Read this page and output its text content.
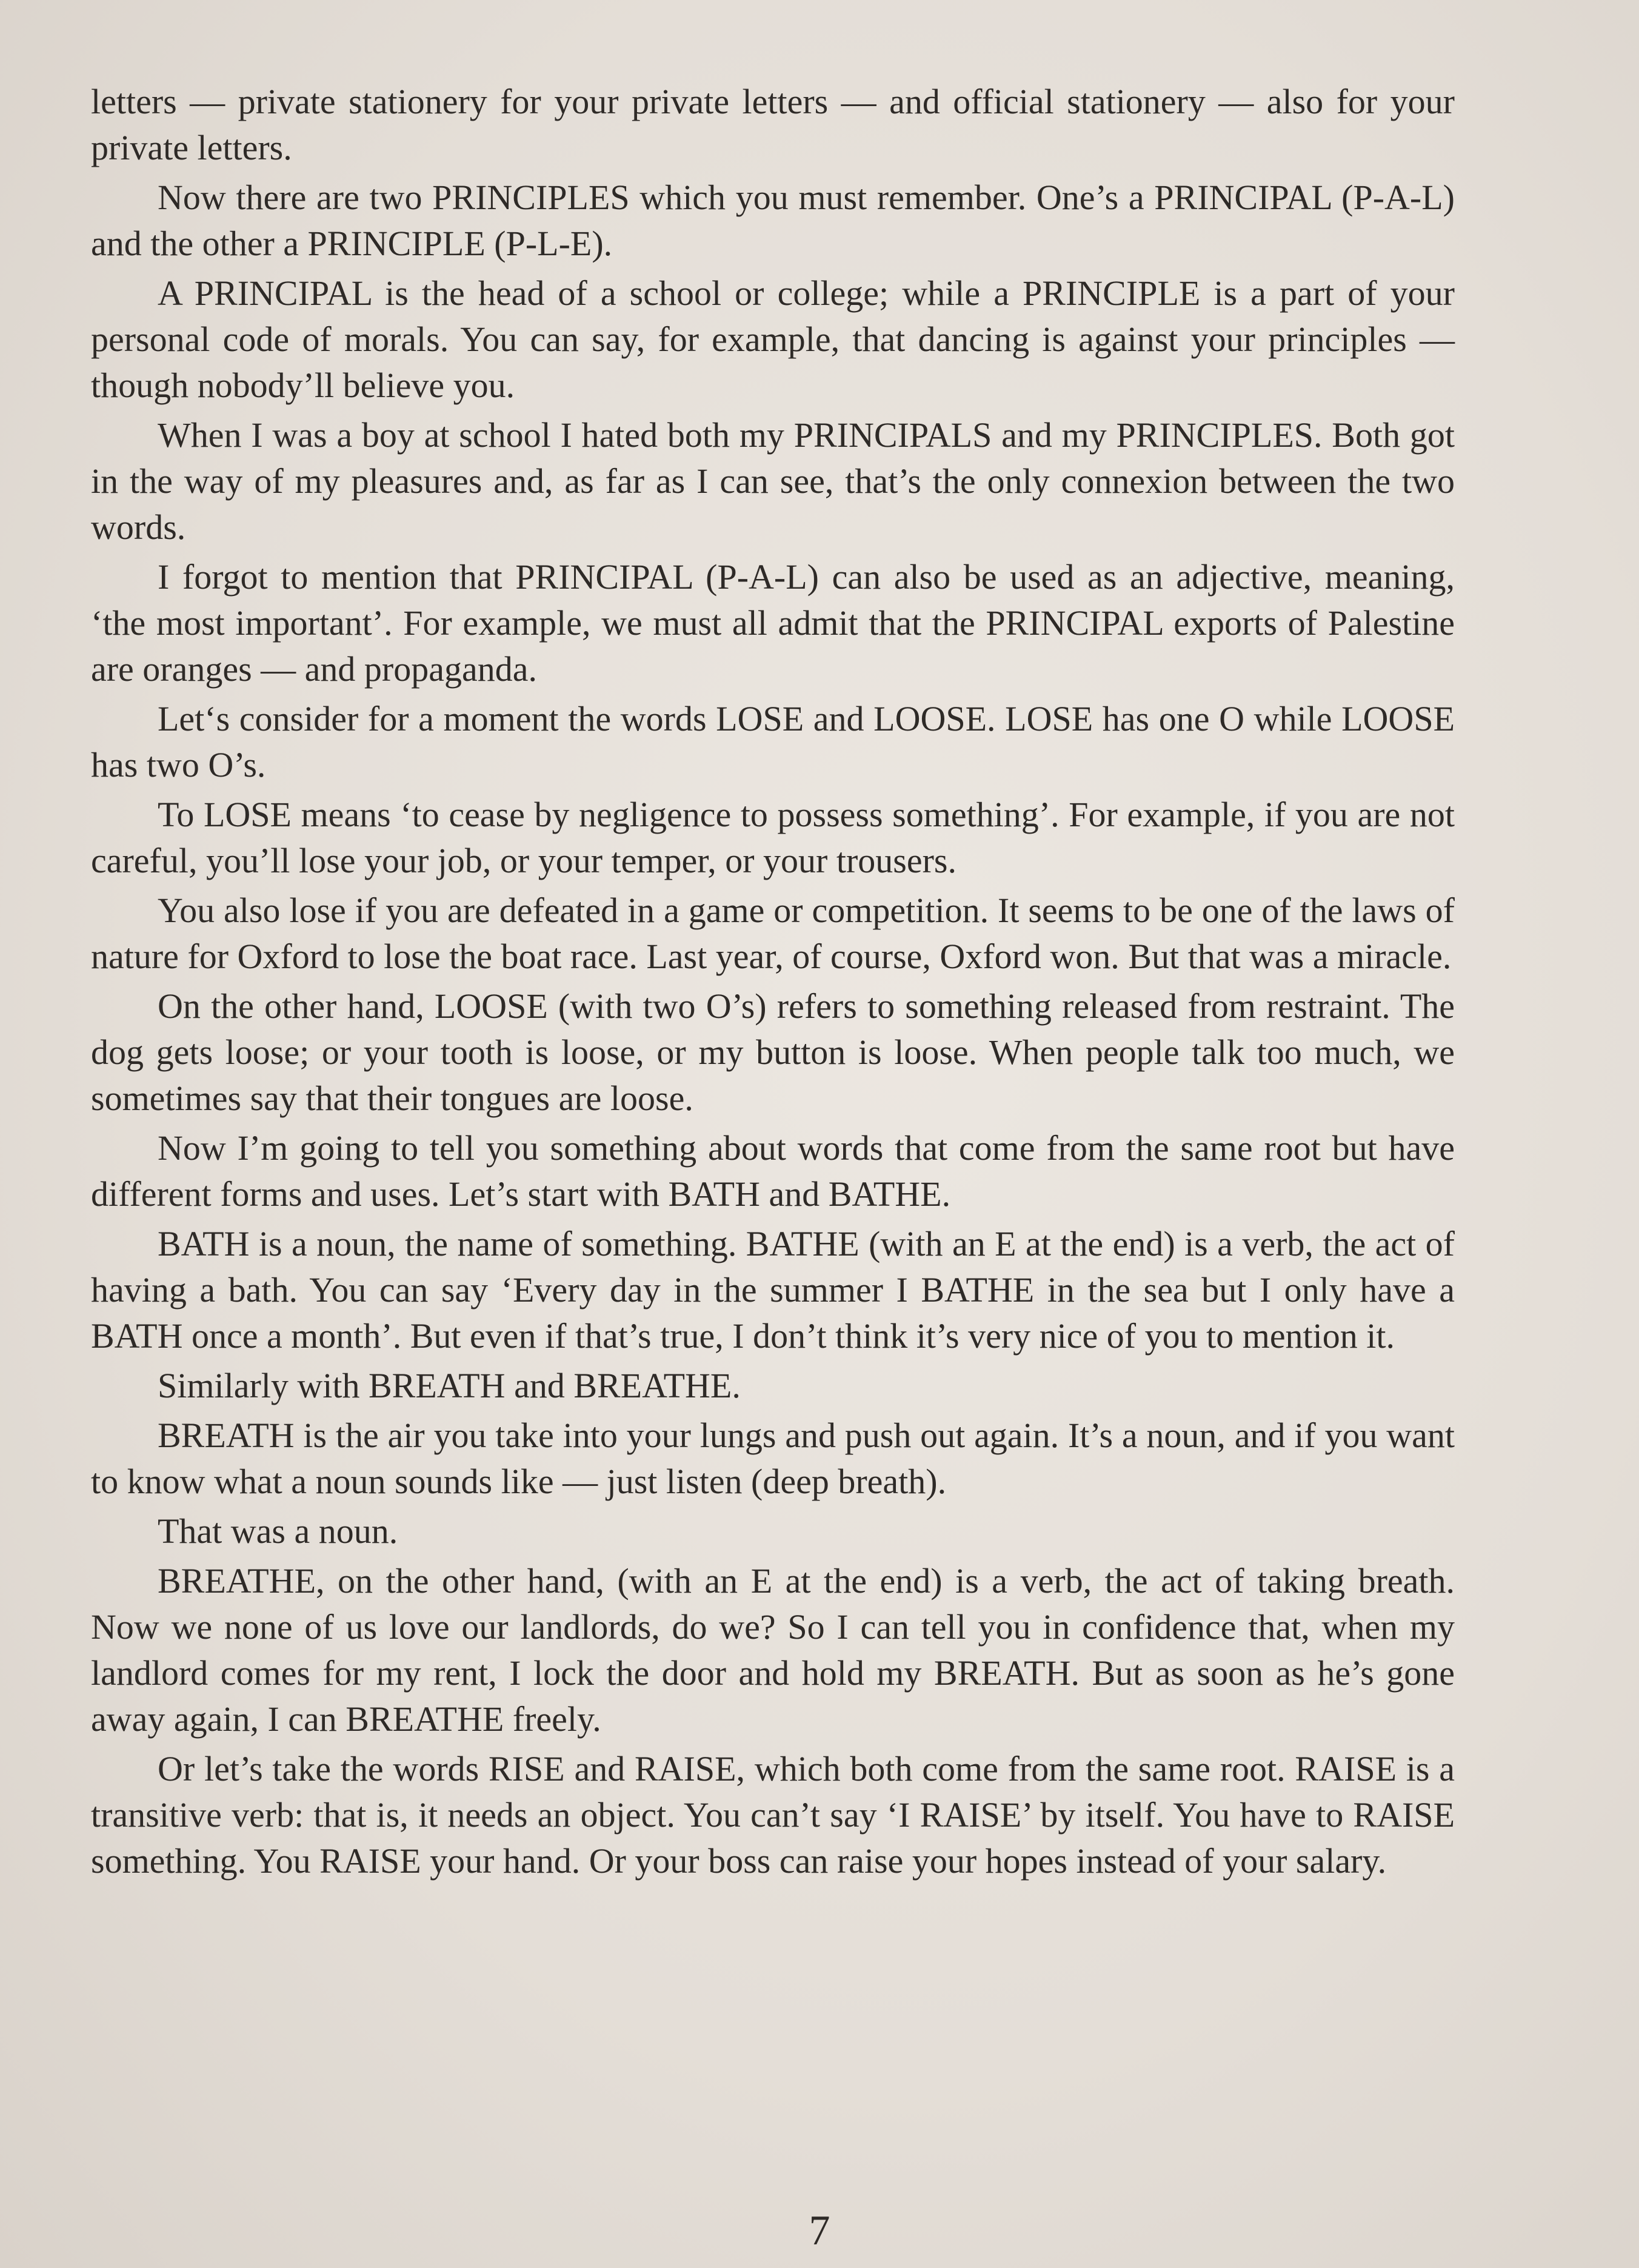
letters — private stationery for your private letters — and official stationery — also for your private letters.

Now there are two PRINCIPLES which you must remember. One’s a PRINCIPAL (P-A-L) and the other a PRINCIPLE (P-L-E).

A PRINCIPAL is the head of a school or college; while a PRINCIPLE is a part of your personal code of morals. You can say, for example, that dancing is against your principles — though nobody’ll believe you.

When I was a boy at school I hated both my PRINCIPALS and my PRINCIPLES. Both got in the way of my pleasures and, as far as I can see, that’s the only connexion between the two words.

I forgot to mention that PRINCIPAL (P-A-L) can also be used as an adjective, meaning, ‘the most important’. For example, we must all admit that the PRINCIPAL exports of Palestine are oranges — and propaganda.

Let‘s consider for a moment the words LOSE and LOOSE. LOSE has one O while LOOSE has two O’s.

To LOSE means ‘to cease by negligence to possess something’. For example, if you are not careful, you’ll lose your job, or your temper, or your trousers.

You also lose if you are defeated in a game or competition. It seems to be one of the laws of nature for Oxford to lose the boat race. Last year, of course, Oxford won. But that was a miracle.

On the other hand, LOOSE (with two O’s) refers to something released from restraint. The dog gets loose; or your tooth is loose, or my button is loose. When people talk too much, we sometimes say that their tongues are loose.

Now I’m going to tell you something about words that come from the same root but have different forms and uses. Let’s start with BATH and BATHE.

BATH is a noun, the name of something. BATHE (with an E at the end) is a verb, the act of having a bath. You can say ‘Every day in the summer I BATHE in the sea but I only have a BATH once a month’. But even if that’s true, I don’t think it’s very nice of you to mention it.

Similarly with BREATH and BREATHE.

BREATH is the air you take into your lungs and push out again. It’s a noun, and if you want to know what a noun sounds like — just listen (deep breath).

That was a noun.

BREATHE, on the other hand, (with an E at the end) is a verb, the act of taking breath. Now we none of us love our landlords, do we? So I can tell you in confidence that, when my landlord comes for my rent, I lock the door and hold my BREATH. But as soon as he’s gone away again, I can BREATHE freely.

Or let’s take the words RISE and RAISE, which both come from the same root. RAISE is a transitive verb: that is, it needs an object. You can’t say ‘I RAISE’ by itself. You have to RAISE something. You RAISE your hand. Or your boss can raise your hopes instead of your salary.

7
